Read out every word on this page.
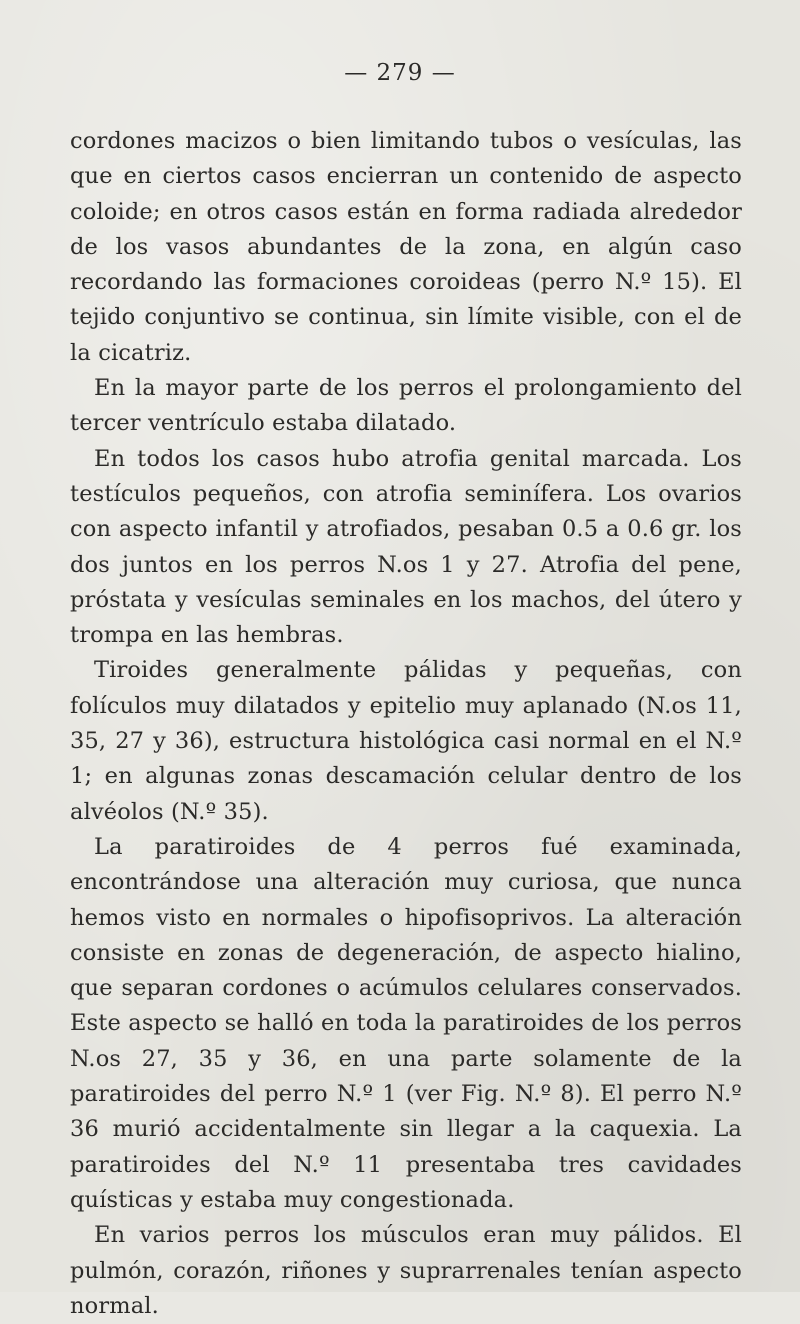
— 279 —

cordones macizos o bien limitando tubos o vesículas, las que en ciertos casos encierran un contenido de aspecto coloide; en otros casos están en forma radiada alrededor de los vasos abundantes de la zona, en algún caso recordando las formaciones coroideas (perro N.º 15). El tejido conjuntivo se continua, sin límite visible, con el de la cicatriz.

En la mayor parte de los perros el prolongamiento del tercer ventrículo estaba dilatado.

En todos los casos hubo atrofia genital marcada. Los testículos pequeños, con atrofia seminífera. Los ovarios con aspecto infantil y atrofiados, pesaban 0.5 a 0.6 gr. los dos juntos en los perros N.os 1 y 27. Atrofia del pene, próstata y vesículas seminales en los machos, del útero y trompa en las hembras.

Tiroides generalmente pálidas y pequeñas, con folículos muy dilatados y epitelio muy aplanado (N.os 11, 35, 27 y 36), estructura histológica casi normal en el N.º 1; en algunas zonas descamación celular dentro de los alvéolos (N.º 35).

La paratiroides de 4 perros fué examinada, encontrándose una alteración muy curiosa, que nunca hemos visto en normales o hipofisoprivos. La alteración consiste en zonas de degeneración, de aspecto hialino, que separan cordones o acúmulos celulares conservados. Este aspecto se halló en toda la paratiroides de los perros N.os 27, 35 y 36, en una parte solamente de la paratiroides del perro N.º 1 (ver Fig. N.º 8). El perro N.º 36 murió accidentalmente sin llegar a la caquexia. La paratiroides del N.º 11 presentaba tres cavidades quísticas y estaba muy congestionada.

En varios perros los músculos eran muy pálidos. El pulmón, corazón, riñones y suprarrenales tenían aspecto normal.
